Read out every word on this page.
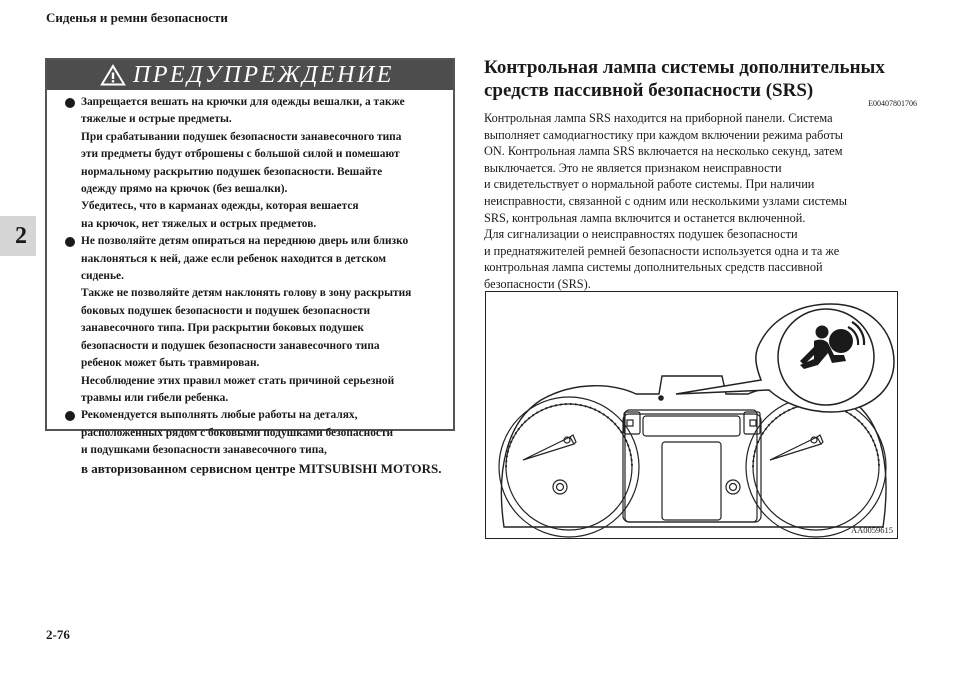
Сиденья и ремни безопасности
2
2-76
ПРЕДУПРЕЖДЕНИЕ
Запрещается вешать на крючки для одежды вешалки, а также
тяжелые и острые предметы.
При срабатывании подушек безопасности занавесочного типа
эти предметы будут отброшены с большой силой и помешают
нормальному раскрытию подушек безопасности. Вешайте
одежду прямо на крючок (без вешалки).
Убедитесь, что в карманах одежды, которая вешается
на крючок, нет тяжелых и острых предметов.
Не позволяйте детям опираться на переднюю дверь или близко
наклоняться к ней, даже если ребенок находится в детском
сиденье.
Также не позволяйте детям наклонять голову в зону раскрытия
боковых подушек безопасности и подушек безопасности
занавесочного типа. При раскрытии боковых подушек
безопасности и подушек безопасности занавесочного типа
ребенок может быть травмирован.
Несоблюдение этих правил может стать причиной серьезной
травмы или гибели ребенка.
Рекомендуется выполнять любые работы на деталях,
расположенных рядом с боковыми подушками безопасности
и подушками безопасности занавесочного типа,
в авторизованном сервисном центре MITSUBISHI MOTORS.
Контрольная лампа системы дополнительных
средств пассивной безопасности (SRS)
E00407801706
Контрольная лампа SRS находится на приборной панели. Система
выполняет самодиагностику при каждом включении режима работы
ON. Контрольная лампа SRS включается на несколько секунд, затем
выключается. Это не является признаком неисправности
и свидетельствует о нормальной работе системы. При наличии
неисправности, связанной с одним или несколькими узлами системы
SRS, контрольная лампа включится и останется включенной.
Для сигнализации о неисправностях подушек безопасности
и преднатяжителей ремней безопасности используется одна и та же
контрольная лампа системы дополнительных средств пассивной
безопасности (SRS).
AA0059615
